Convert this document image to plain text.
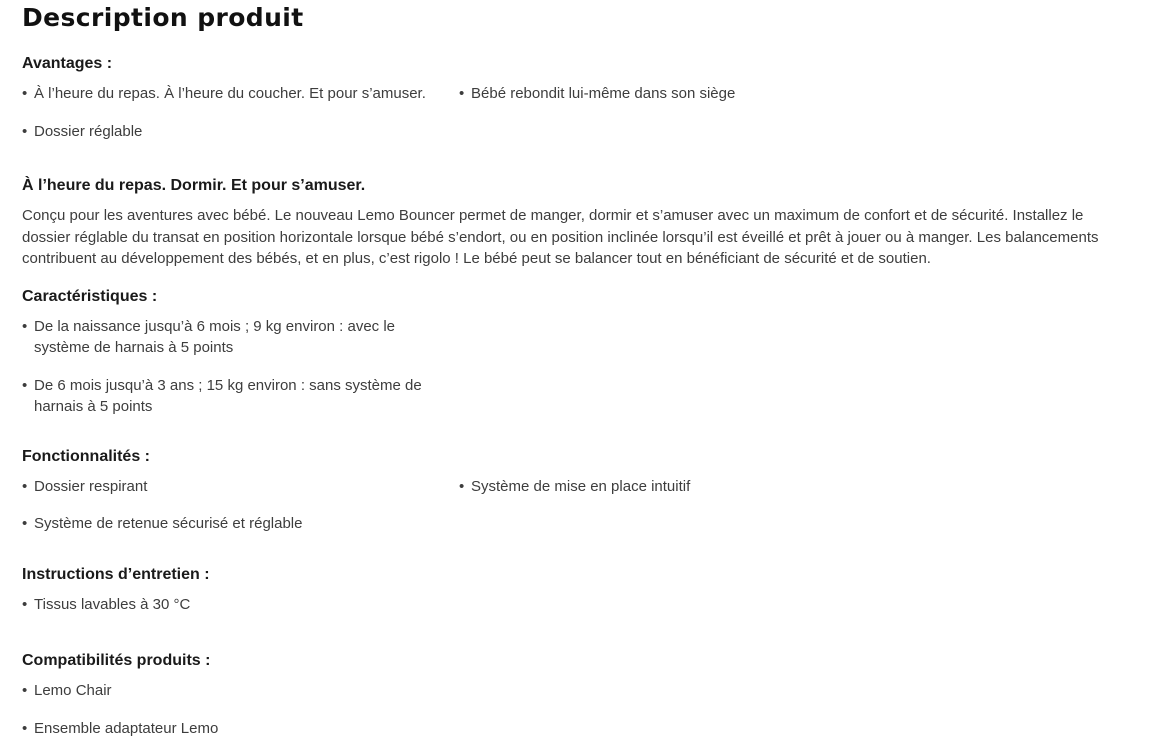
Description produit
Avantages :
• À l’heure du repas. À l’heure du coucher. Et pour s’amuser.
• Dossier réglable
• Bébé rebondit lui-même dans son siège
À l’heure du repas. Dormir. Et pour s’amuser.

Conçu pour les aventures avec bébé. Le nouveau Lemo Bouncer permet de manger, dormir et s’amuser avec un maximum de confort et de sécurité. Installez le dossier réglable du transat en position horizontale lorsque bébé s’endort, ou en position inclinée lorsqu’il est éveillé et prêt à jouer ou à manger. Les balancements contribuent au développement des bébés, et en plus, c’est rigolo ! Le bébé peut se balancer tout en bénéficiant de sécurité et de soutien.

Caractéristiques :
• De la naissance jusqu’à 6 mois ; 9 kg environ : avec le système de harnais à 5 points
• De 6 mois jusqu’à 3 ans ; 15 kg environ : sans système de harnais à 5 points
Fonctionnalités :
• Dossier respirant
• Système de retenue sécurisé et réglable
• Système de mise en place intuitif
Instructions d’entretien :
• Tissus lavables à 30 °C
Compatibilités produits :
• Lemo Chair
• Ensemble adaptateur Lemo
